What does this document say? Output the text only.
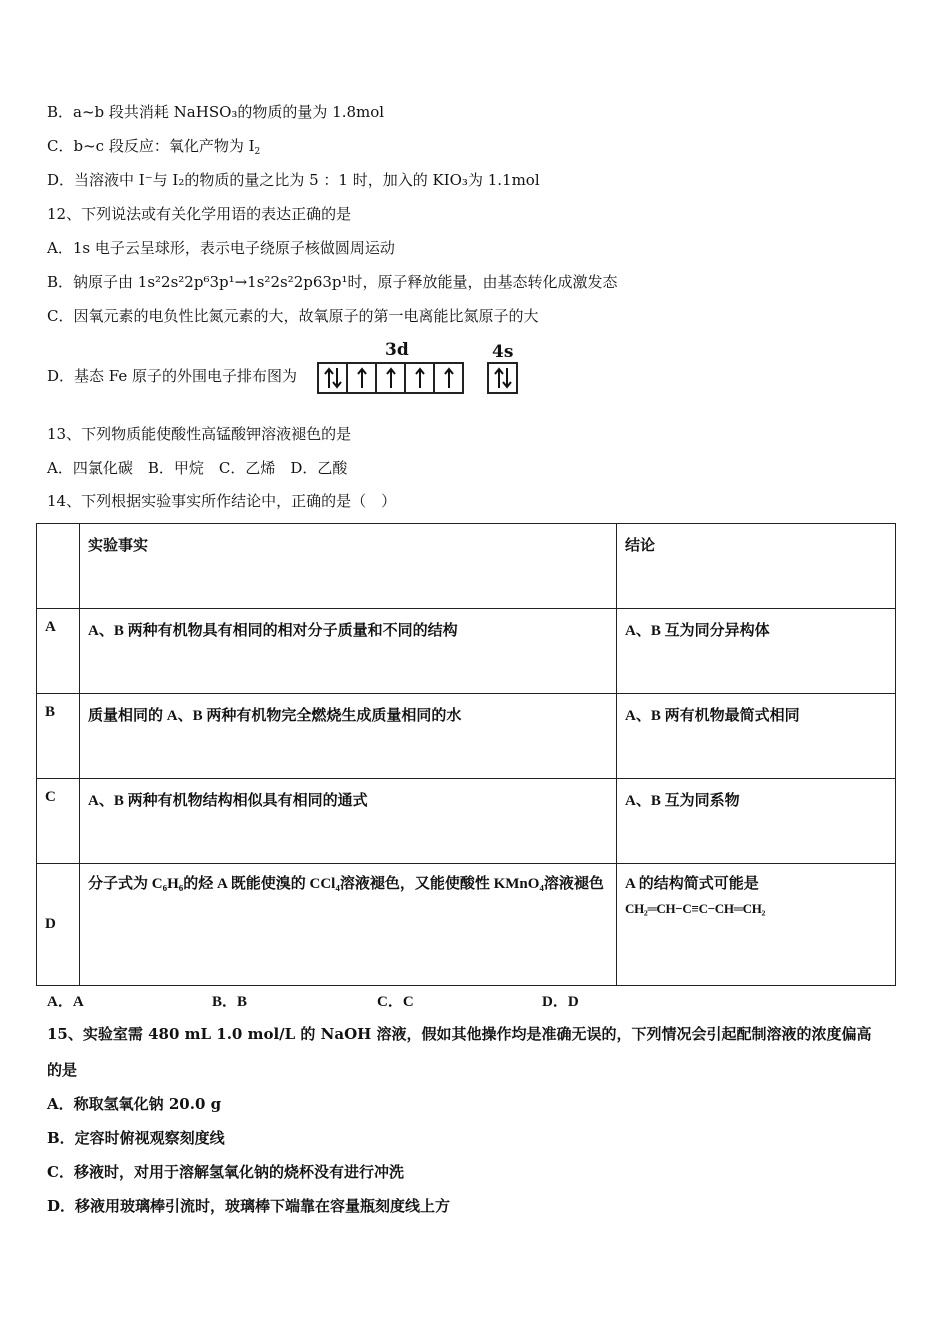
B．a~b 段共消耗 NaHSO₃的物质的量为 1.8mol
C．b~c 段反应：氧化产物为 $I_2$
D．当溶液中 I⁻与 I₂的物质的量之比为 5 ：1 时，加入的 KIO₃为 1.1mol
12、下列说法或有关化学用语的表达正确的是
A．1s 电子云呈球形，表示电子绕原子核做圆周运动
B．钠原子由 1s²2s²2p⁶3p¹→1s²2s²2p63p¹时，原子释放能量，由基态转化成激发态
C．因氧元素的电负性比氮元素的大，故氧原子的第一电离能比氮原子的大
D．基态 Fe 原子的外围电子排布图为
3d	4s
13、下列物质能使酸性高锰酸钾溶液褪色的是
A．四氯化碳　B．甲烷　C．乙烯　D．乙酸
14、下列根据实验事实所作结论中，正确的是（　）
	实验事实	结论
A	A、B 两种有机物具有相同的相对分子质量和不同的结构	A、B 互为同分异构体
B	质量相同的 A、B 两种有机物完全燃烧生成质量相同的水	A、B 两有机物最简式相同
C	A、B 两种有机物结构相似具有相同的通式	A、B 互为同系物
D	分子式为 C₆H₆的烃 A 既能使溴的 CCl₄溶液褪色，又能使酸性 KMnO₄溶液褪色	A 的结构简式可能是
CH₂═CH−C≡C−CH═CH₂
A．A	B．B	C．C	D．D
15、实验室需 480 mL 1.0 mol/L 的 NaOH 溶液，假如其他操作均是准确无误的，下列情况会引起配制溶液的浓度偏高
的是
A．称取氢氧化钠 20.0 g
B．定容时俯视观察刻度线
C．移液时，对用于溶解氢氧化钠的烧杯没有进行冲洗
D．移液用玻璃棒引流时，玻璃棒下端靠在容量瓶刻度线上方
